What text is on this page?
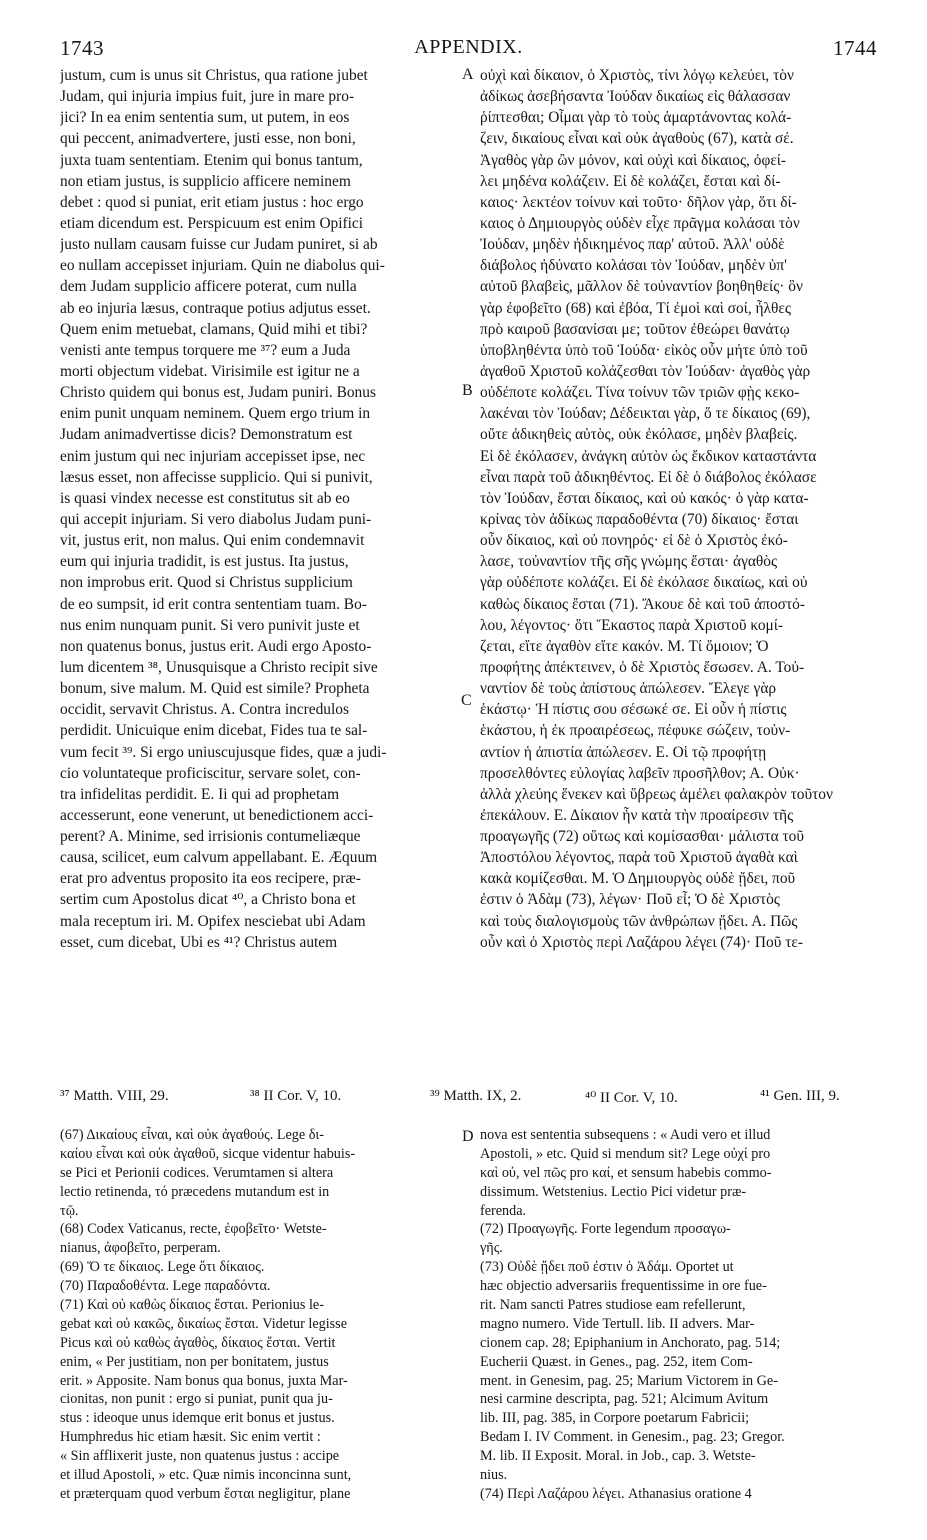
1743	APPENDIX.	1744

justum, cum is unus sit Christus, qua ratione jubet

Judam, qui injuria impius fuit, jure in mare pro-

jici? In ea enim sententia sum, ut putem, in eos

qui peccent, animadvertere, justi esse, non boni,

juxta tuam sententiam. Etenim qui bonus tantum,

non etiam justus, is supplicio afficere neminem

debet : quod si puniat, erit etiam justus : hoc ergo

etiam dicendum est. Perspicuum est enim Opifici

justo nullam causam fuisse cur Judam puniret, si ab

eo nullam accepisset injuriam. Quin ne diabolus qui-

dem Judam supplicio afficere poterat, cum nulla

ab eo injuria læsus, contraque potius adjutus esset.

Quem enim metuebat, clamans, Quid mihi et tibi?

venisti ante tempus torquere me ³⁷? eum a Juda

morti objectum videbat. Virisimile est igitur ne a

Christo quidem qui bonus est, Judam puniri. Bonus

enim punit unquam neminem. Quem ergo trium in

Judam animadvertisse dicis? Demonstratum est

enim justum qui nec injuriam accepisset ipse, nec

læsus esset, non affecisse supplicio. Qui si punivit,

is quasi vindex necesse est constitutus sit ab eo

qui accepit injuriam. Si vero diabolus Judam puni-

vit, justus erit, non malus. Qui enim condemnavit

eum qui injuria tradidit, is est justus. Ita justus,

non improbus erit. Quod si Christus supplicium

de eo sumpsit, id erit contra sententiam tuam. Bo-

nus enim nunquam punit. Si vero punivit juste et

non quatenus bonus, justus erit. Audi ergo Aposto-

lum dicentem ³⁸, Unusquisque a Christo recipit sive

bonum, sive malum. M. Quid est simile? Propheta

occidit, servavit Christus. A. Contra incredulos

perdidit. Unicuique enim dicebat, Fides tua te sal-

vum fecit ³⁹. Si ergo uniuscujusque fides, quæ a judi-

cio voluntateque proficiscitur, servare solet, con-

tra infidelitas perdidit. E. Ii qui ad prophetam

accesserunt, eone venerunt, ut benedictionem acci-

perent? A. Minime, sed irrisionis contumeliæque

causa, scilicet, eum calvum appellabant. E. Æquum

erat pro adventus proposito ita eos recipere, præ-

sertim cum Apostolus dicat ⁴⁰, a Christo bona et

mala receptum iri. M. Opifex nesciebat ubi Adam

esset, cum dicebat, Ubi es ⁴¹? Christus autem

οὐχὶ καὶ δίκαιον, ὁ Χριστὸς, τίνι λόγῳ κελεύει, τὸν

ἀδίκως ἀσεβήσαντα Ἰούδαν δικαίως εἰς θάλασσαν

ῥίπτεσθαι; Οἶμαι γὰρ τὸ τοὺς ἁμαρτάνοντας κολά-

ζειν, δικαίους εἶναι καὶ οὐκ ἀγαθοὺς (67), κατὰ σέ.

Ἀγαθὸς γὰρ ὢν μόνον, καὶ οὐχὶ καὶ δίκαιος, ὀφεί-

λει μηδένα κολάζειν. Εἰ δὲ κολάζει, ἔσται καὶ δί-

καιος· λεκτέον τοίνυν καὶ τοῦτο· δῆλον γὰρ, ὅτι δί-

καιος ὁ Δημιουργὸς οὐδὲν εἶχε πρᾶγμα κολάσαι τὸν

Ἰούδαν, μηδὲν ἠδικημένος παρ' αὐτοῦ. Ἀλλ' οὐδὲ

διάβολος ἠδύνατο κολάσαι τὸν Ἰούδαν, μηδὲν ὑπ'

αὐτοῦ βλαβεὶς, μᾶλλον δὲ τοὐναντίον βοηθηθείς· ὃν

γὰρ ἐφοβεῖτο (68) καὶ ἐβόα, Τί ἐμοὶ καὶ σοί, ἦλθες

πρὸ καιροῦ βασανίσαι με; τοῦτον ἐθεώρει θανάτῳ

ὑποβληθέντα ὑπὸ τοῦ Ἰούδα· εἰκὸς οὖν μήτε ὑπὸ τοῦ

ἀγαθοῦ Χριστοῦ κολάζεσθαι τὸν Ἰούδαν· ἀγαθὸς γὰρ

οὐδέποτε κολάζει. Τίνα τοίνυν τῶν τριῶν φῂς κεκο-

λακέναι τὸν Ἰούδαν; Δέδεικται γὰρ, ὅ τε δίκαιος (69),

οὔτε ἀδικηθεὶς αὐτὸς, οὐκ ἐκόλασε, μηδὲν βλαβείς.

Εἰ δὲ ἐκόλασεν, ἀνάγκη αὐτὸν ὡς ἔκδικον καταστάντα

εἶναι παρὰ τοῦ ἀδικηθέντος. Εἰ δὲ ὁ διάβολος ἐκόλασε

τὸν Ἰούδαν, ἔσται δίκαιος, καὶ οὐ κακός· ὁ γὰρ κατα-

κρίνας τὸν ἀδίκως παραδοθέντα (70) δίκαιος· ἔσται

οὖν δίκαιος, καὶ οὐ πονηρός· εἰ δὲ ὁ Χριστὸς ἐκό-

λασε, τοὐναντίον τῆς σῆς γνώμης ἔσται· ἀγαθὸς

γὰρ οὐδέποτε κολάζει. Εἰ δὲ ἐκόλασε δικαίως, καὶ οὐ

καθὼς δίκαιος ἔσται (71). Ἄκουε δὲ καὶ τοῦ ἀποστό-

λου, λέγοντος· ὅτι Ἕκαστος παρὰ Χριστοῦ κομί-

ζεται, εἴτε ἀγαθὸν εἴτε κακόν. Μ. Τί ὅμοιον; Ὁ

προφήτης ἀπέκτεινεν, ὁ δὲ Χριστὸς ἔσωσεν. Α. Τοὐ-

ναντίον δὲ τοὺς ἀπίστους ἀπώλεσεν. Ἔλεγε γὰρ

ἑκάστῳ· Ἡ πίστις σου σέσωκέ σε. Εἰ οὖν ἡ πίστις

ἑκάστου, ἡ ἐκ προαιρέσεως, πέφυκε σώζειν, τοὐν-

αντίον ἡ ἀπιστία ἀπώλεσεν. Ε. Οἱ τῷ προφήτῃ

προσελθόντες εὐλογίας λαβεῖν προσῆλθον; Α. Οὐκ·

ἀλλὰ χλεύης ἕνεκεν καὶ ὕβρεως ἀμέλει φαλακρὸν τοῦτον

ἐπεκάλουν. Ε. Δίκαιον ἦν κατὰ τὴν προαίρεσιν τῆς

προαγωγῆς (72) οὕτως καὶ κομίσασθαι· μάλιστα τοῦ

Ἀποστόλου λέγοντος, παρὰ τοῦ Χριστοῦ ἀγαθὰ καὶ

κακὰ κομίζεσθαι. Μ. Ὁ Δημιουργὸς οὐδὲ ᾔδει, ποῦ

ἐστιν ὁ Ἀδὰμ (73), λέγων· Ποῦ εἶ; Ὁ δὲ Χριστὸς

καὶ τοὺς διαλογισμοὺς τῶν ἀνθρώπων ᾔδει. Α. Πῶς

οὖν καὶ ὁ Χριστὸς περὶ Λαζάρου λέγει (74)· Ποῦ τε-

A
B
C
D
³⁷ Matth. VIII, 29.	³⁸ II Cor. V, 10.	³⁹ Matth. IX, 2.	⁴⁰ II Cor. V, 10.	⁴¹ Gen. III, 9.

(67) Δικαίους εἶναι, καὶ οὐκ ἀγαθούς. Lege δι-

καίου εἶναι καὶ οὐκ ἀγαθοῦ, sicque videntur habuis-

se Pici et Perionii codices. Verumtamen si altera

lectio retinenda, τό præcedens mutandum est in

τῷ.

(68) Codex Vaticanus, recte, ἐφοβεῖτο· Wetste-

nianus, ἀφοβεῖτο, perperam.

(69) Ὅ τε δίκαιος. Lege ὅτι δίκαιος.

(70) Παραδοθέντα. Lege παραδόντα.

(71) Καὶ οὐ καθὼς δίκαιος ἔσται. Perionius le-

gebat καὶ οὐ κακῶς, δικαίως ἔσται. Videtur legisse

Picus καὶ οὐ καθὼς ἀγαθὸς, δίκαιος ἔσται. Vertit

enim, « Per justitiam, non per bonitatem, justus

erit. » Apposite. Nam bonus qua bonus, juxta Mar-

cionitas, non punit : ergo si puniat, punit qua ju-

stus : ideoque unus idemque erit bonus et justus.

Humphredus hic etiam hæsit. Sic enim vertit :

« Sin afflixerit juste, non quatenus justus : accipe

et illud Apostoli, » etc. Quæ nimis inconcinna sunt,

et præterquam quod verbum ἔσται negligitur, plane

nova est sententia subsequens : « Audi vero et illud

Apostoli, » etc. Quid si mendum sit? Lege οὐχί pro

καὶ οὐ, vel πῶς pro καί, et sensum habebis commo-

dissimum. Wetstenius. Lectio Pici videtur præ-

ferenda.

(72) Προαγωγῆς. Forte legendum προσαγω-

γῆς.

(73) Οὐδὲ ᾔδει ποῦ ἐστιν ὁ Ἀδάμ. Oportet ut

hæc objectio adversariis frequentissime in ore fue-

rit. Nam sancti Patres studiose eam refellerunt,

magno numero. Vide Tertull. lib. II advers. Mar-

cionem cap. 28; Epiphanium in Anchorato, pag. 514;

Eucherii Quæst. in Genes., pag. 252, item Com-

ment. in Genesim, pag. 25; Marium Victorem in Ge-

nesi carmine descripta, pag. 521; Alcimum Avitum

lib. III, pag. 385, in Corpore poetarum Fabricii;

Bedam I. IV Comment. in Genesim., pag. 23; Gregor.

M. lib. II Exposit. Moral. in Job., cap. 3. Wetste-

nius.

(74) Περὶ Λαζάρου λέγει. Athanasius oratione 4
